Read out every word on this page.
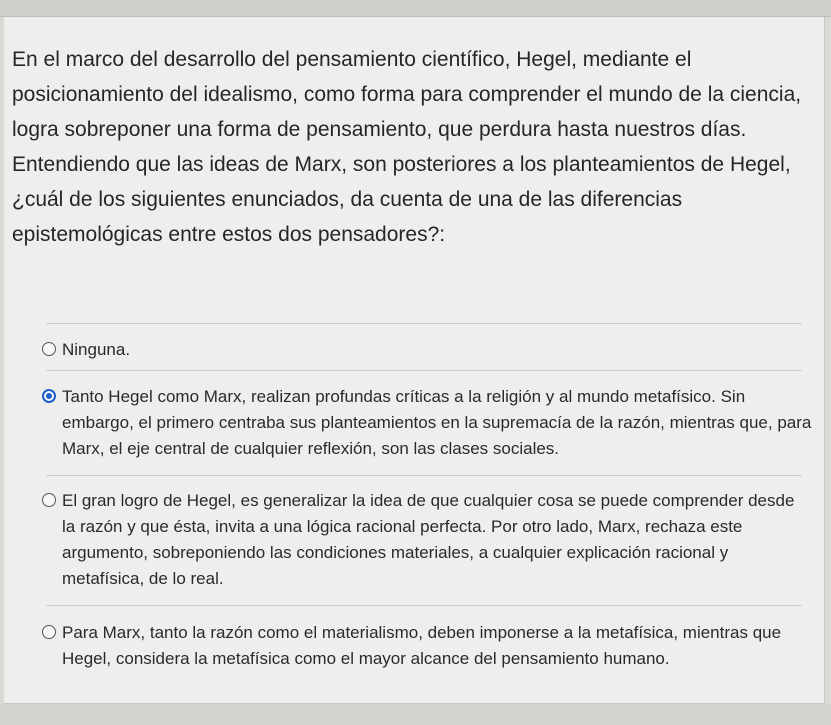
En el marco del desarrollo del pensamiento científico, Hegel, mediante el posicionamiento del idealismo, como forma para comprender el mundo de la ciencia, logra sobreponer una forma de pensamiento, que perdura hasta nuestros días.

Entendiendo que las ideas de Marx, son posteriores a los planteamientos de Hegel, ¿cuál de los siguientes enunciados, da cuenta de una de las diferencias epistemológicas entre estos dos pensadores?:

Ninguna.
Tanto Hegel como Marx, realizan profundas críticas a la religión y al mundo metafísico. Sin embargo, el primero centraba sus planteamientos en la supremacía de la razón, mientras que, para Marx, el eje central de cualquier reflexión, son las clases sociales.
El gran logro de Hegel, es generalizar la idea de que cualquier cosa se puede comprender desde la razón y que ésta, invita a una lógica racional perfecta. Por otro lado, Marx, rechaza este argumento, sobreponiendo las condiciones materiales, a cualquier explicación racional y metafísica, de lo real.
Para Marx, tanto la razón como el materialismo, deben imponerse a la metafísica, mientras que Hegel, considera la metafísica como el mayor alcance del pensamiento humano.
